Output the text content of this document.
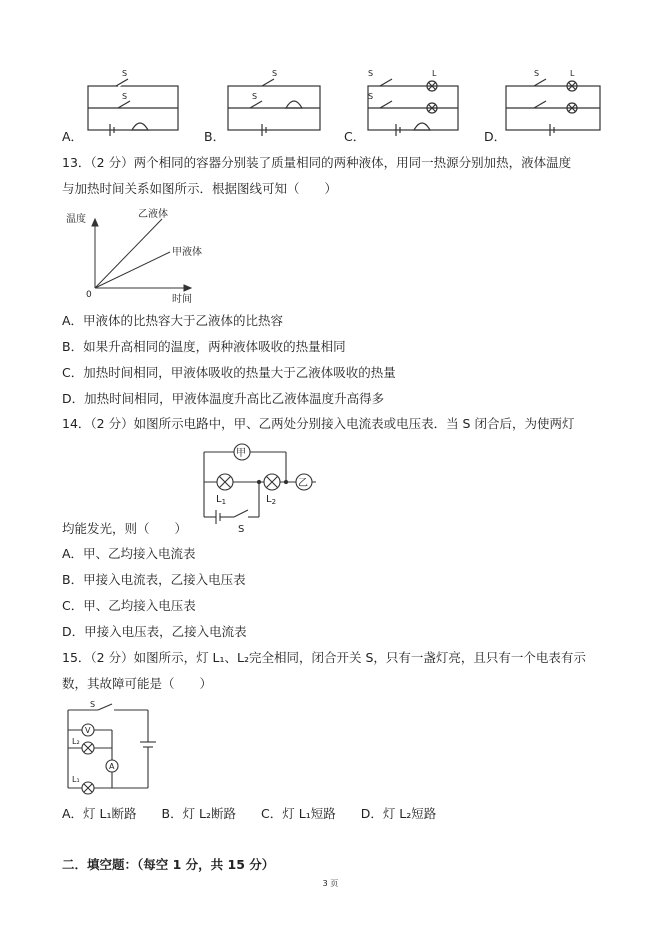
S
S
S
S
S	L
S
S	L
A．	B．	C．	D．
13．（2 分）两个相同的容器分别装了质量相同的两种液体，用同一热源分别加热，液体温度
与加热时间关系如图所示．根据图线可知（　　）
温度
时间
0
乙液体
甲液体
A．甲液体的比热容大于乙液体的比热容
B．如果升高相同的温度，两种液体吸收的热量相同
C．加热时间相同，甲液体吸收的热量大于乙液体吸收的热量
D．加热时间相同，甲液体温度升高比乙液体温度升高得多
14．（2 分）如图所示电路中，甲、乙两处分别接入电流表或电压表．当 S 闭合后，为使两灯
甲
乙
$L_1$	$L_2$
S
均能发光，则（　　）
A．甲、乙均接入电流表
B．甲接入电流表，乙接入电压表
C．甲、乙均接入电压表
D．甲接入电压表，乙接入电流表
15．（2 分）如图所示，灯 L₁、L₂完全相同，闭合开关 S，只有一盏灯亮，且只有一个电表有示
数，其故障可能是（　　）
S
V
L₂
A
L₁
A．灯 L₁断路　　B．灯 L₂断路　　C．灯 L₁短路　　D．灯 L₂短路
二．填空题：（每空 1 分，共 15 分）
3 页
